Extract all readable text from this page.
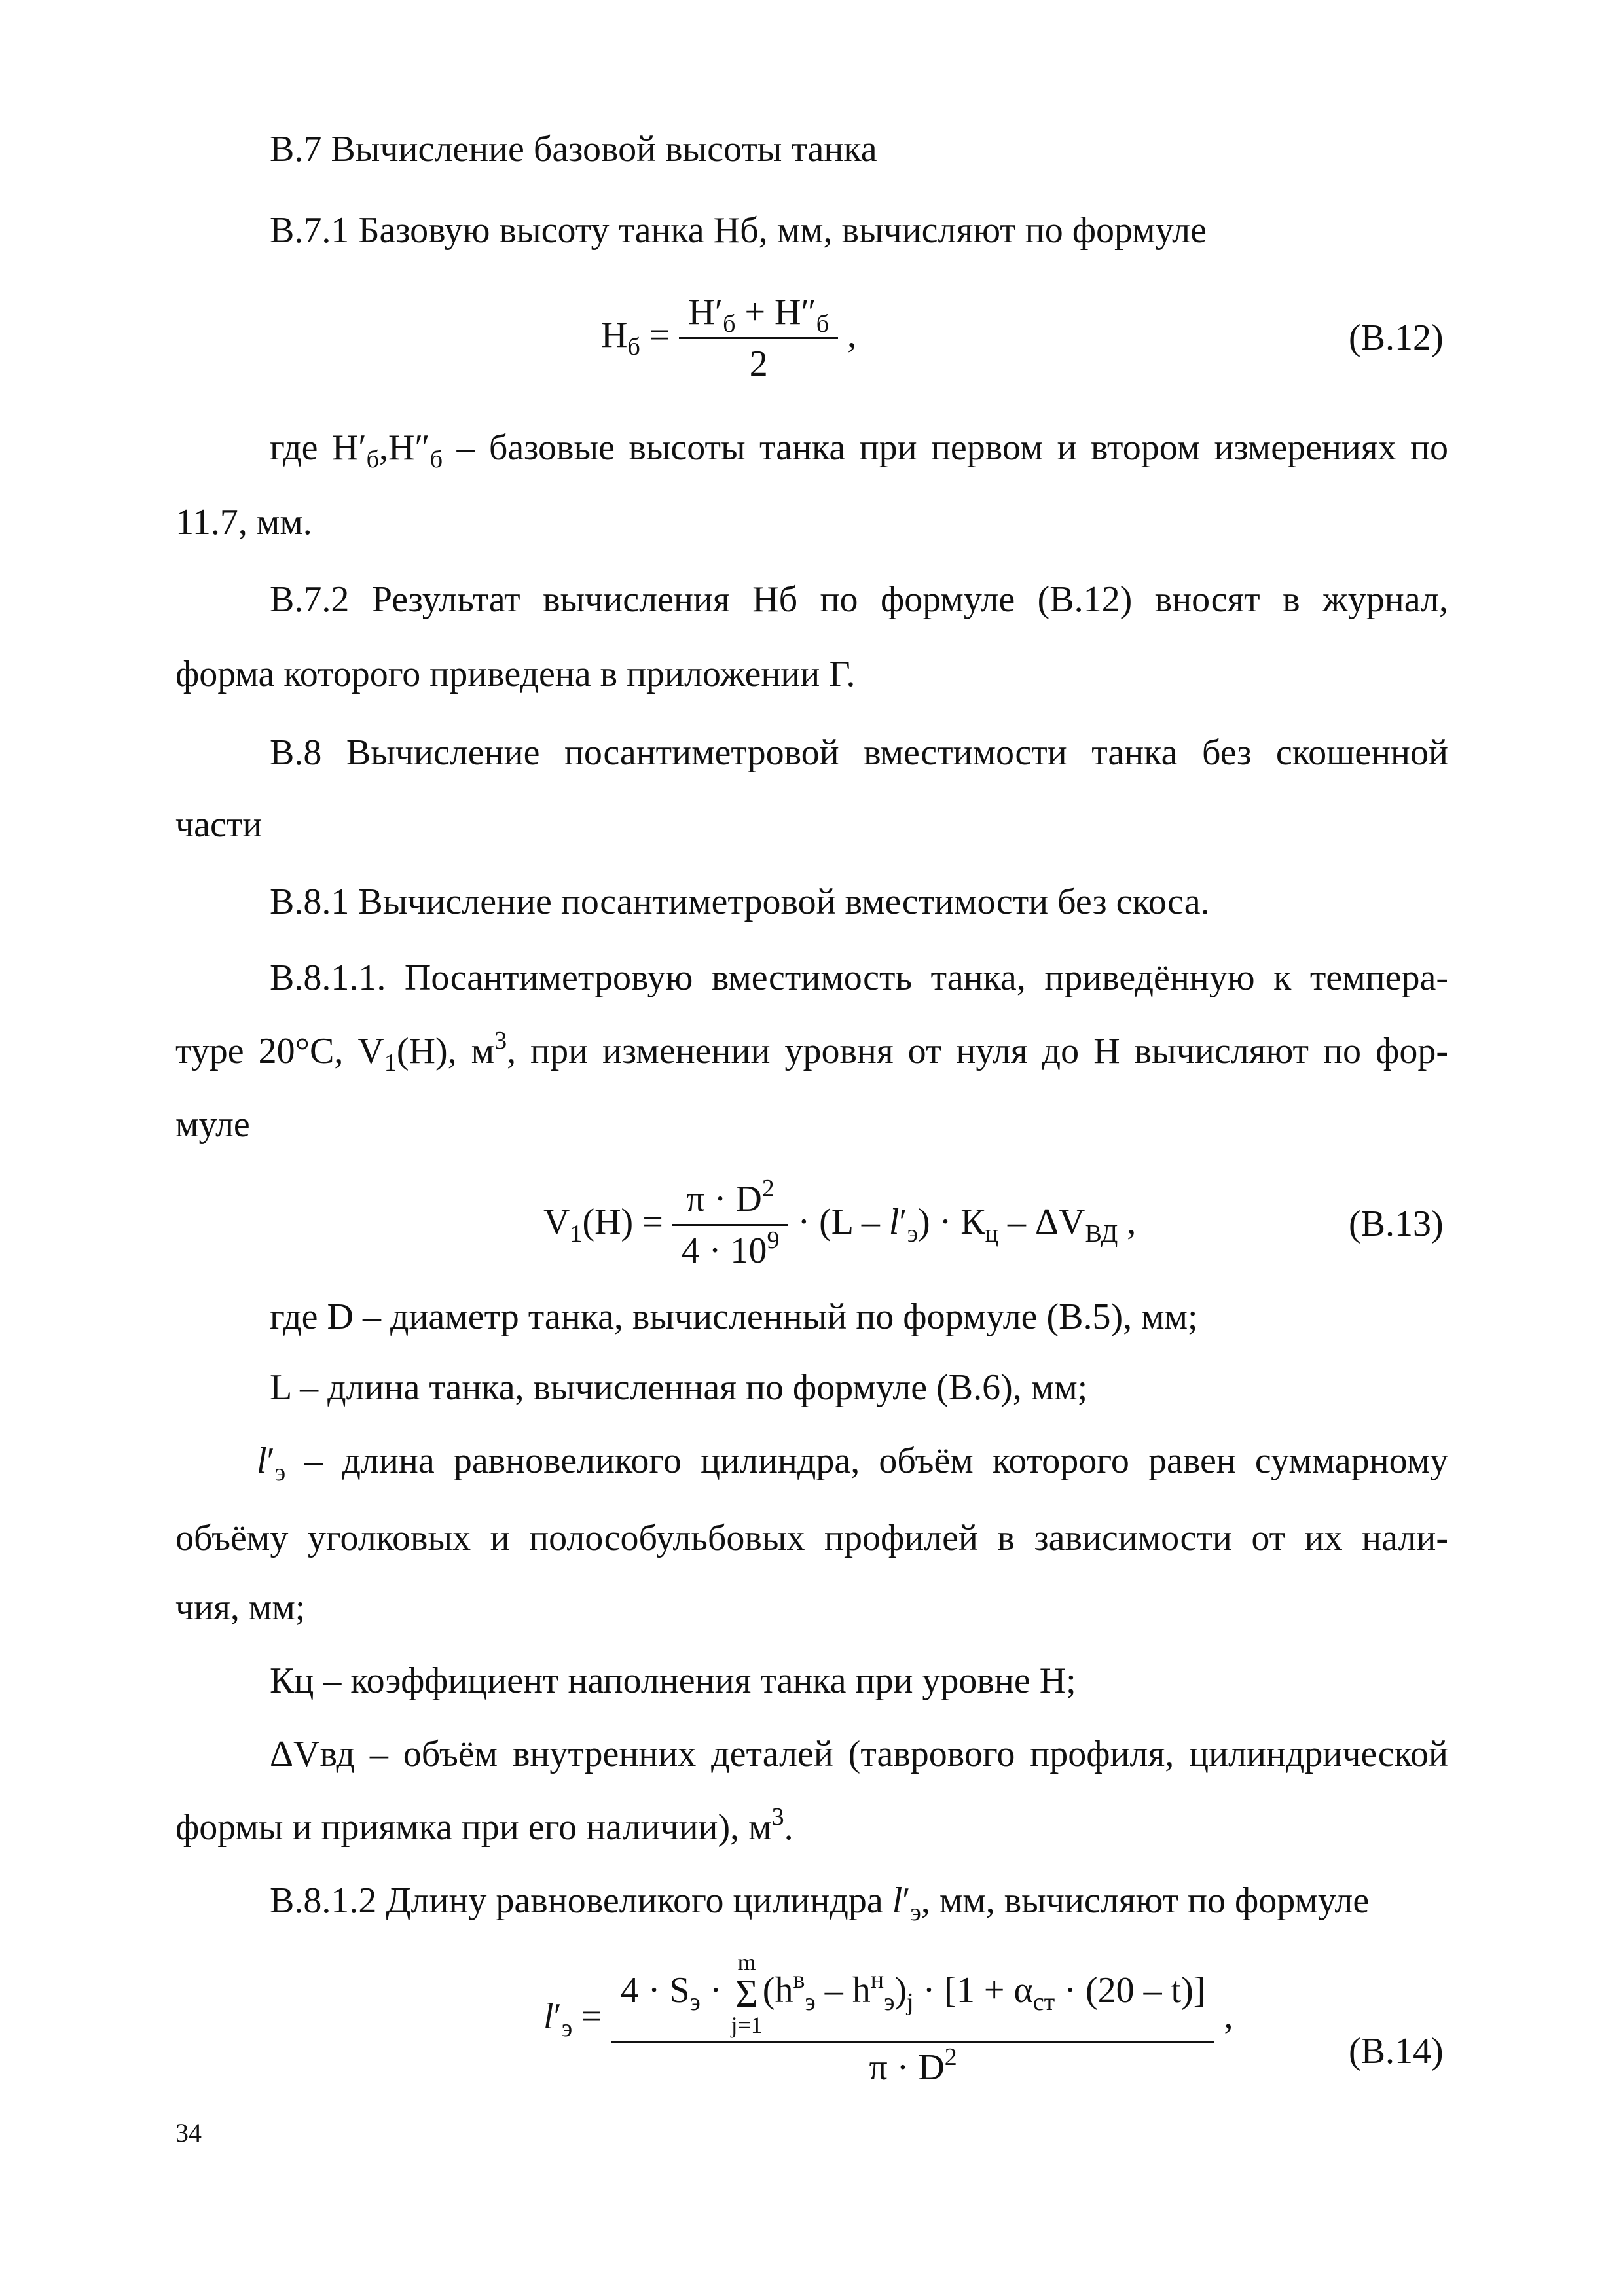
В.7 Вычисление базовой высоты танка
В.7.1 Базовую высоту танка Нб, мм, вычисляют по формуле
$Н_б = \frac{Н'_б + Н''_б}{2}$ ,	(В.12)
где $Н'_б,Н''_б$ – базовые высоты танка при первом и втором измерениях по
11.7, мм.
В.7.2 Результат вычисления Нб по формуле (В.12) вносят в журнал,
форма которого приведена в приложении Г.
В.8 Вычисление посантиметровой вместимости танка без скошенной
части
В.8.1 Вычисление посантиметровой вместимости без скоса.
В.8.1.1. Посантиметровую вместимость танка, приведённую к темпера-
туре 20°С, $V_1(Н)$, $м^3$, при изменении уровня от нуля до Н вычисляют по фор-
муле
$V_1(Н) = \frac{\pi \cdot D^2}{4 \cdot 10^9} \cdot (L - l'_э) \cdot К_ц - \Delta V_{ВД}$ ,	(В.13)
где D – диаметр танка, вычисленный по формуле (В.5), мм;
L – длина танка, вычисленная по формуле (В.6), мм;
$l'_э$ – длина равновеликого цилиндра, объём которого равен суммарному
объёму уголковых и полособульбовых профилей в зависимости от их нали-
чия, мм;
Кц – коэффициент наполнения танка при уровне Н;
ΔVвд – объём внутренних деталей (таврового профиля, цилиндрической
формы и приямка при его наличии), $м^3$.
В.8.1.2 Длину равновеликого цилиндра $l'_э$, мм, вычисляют по формуле
$l'_э$ =
$4 \cdot S_э$ ·
m
Σ
j=1
$(h^в_э - h^н_э)_j \cdot [1 + \alpha_{ст} \cdot (20 - t)]$
$\pi \cdot D^2$
,
(В.14)
34
